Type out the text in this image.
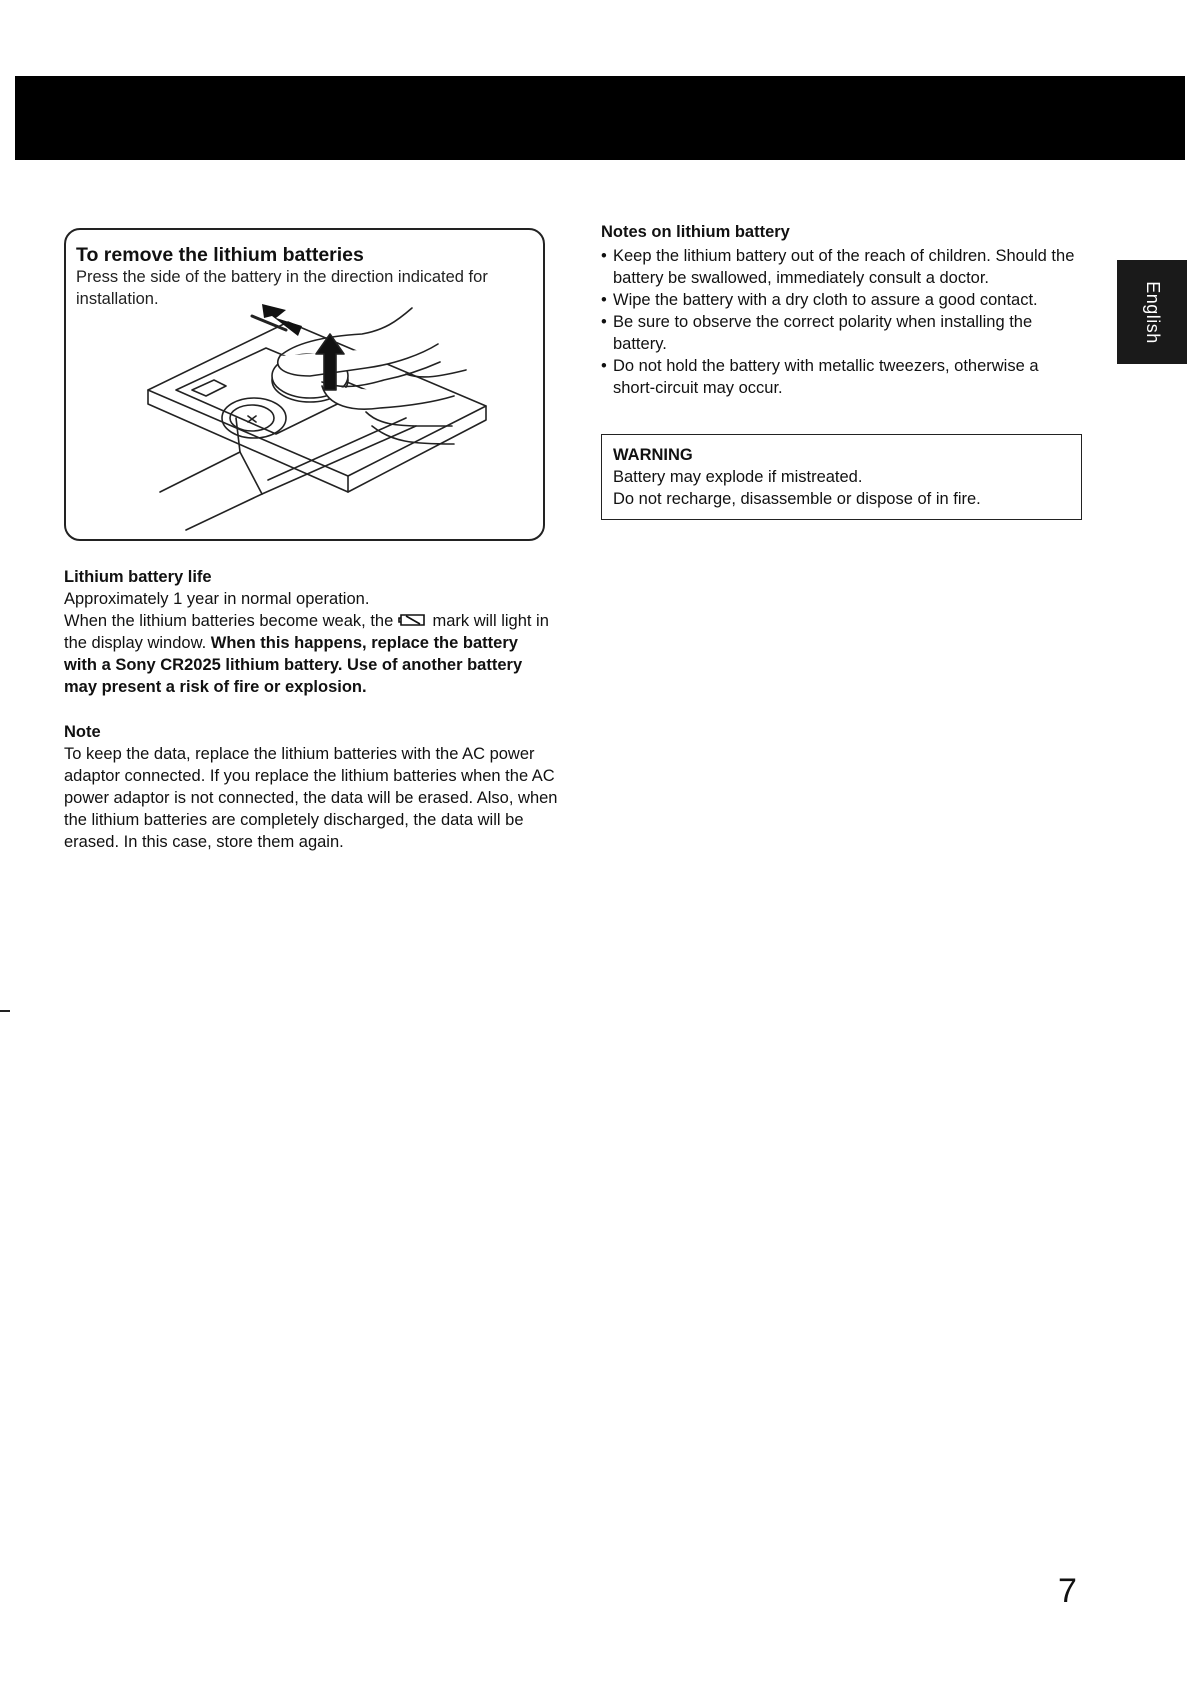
English
To remove the lithium batteries

Press the side of the battery in the direction indicated for installation.

Lithium battery life
Approximately 1 year in normal operation.
When the lithium batteries become weak, the mark will light in the display window. When this happens, replace the battery with a Sony CR2025 lithium battery. Use of another battery may present a risk of fire or explosion.
Note
To keep the data, replace the lithium batteries with the AC power adaptor connected. If you replace the lithium batteries when the AC power adaptor is not connected, the data will be erased. Also, when the lithium batteries are completely discharged, the data will be erased. In this case, store them again.
Notes on lithium battery
• Keep the lithium battery out of the reach of children. Should the battery be swallowed, immediately consult a doctor.
• Wipe the battery with a dry cloth to assure a good contact.
• Be sure to observe the correct polarity when installing the battery.
• Do not hold the battery with metallic tweezers, otherwise a short-circuit may occur.
WARNING
Battery may explode if mistreated.
Do not recharge, disassemble or dispose of in fire.
7
